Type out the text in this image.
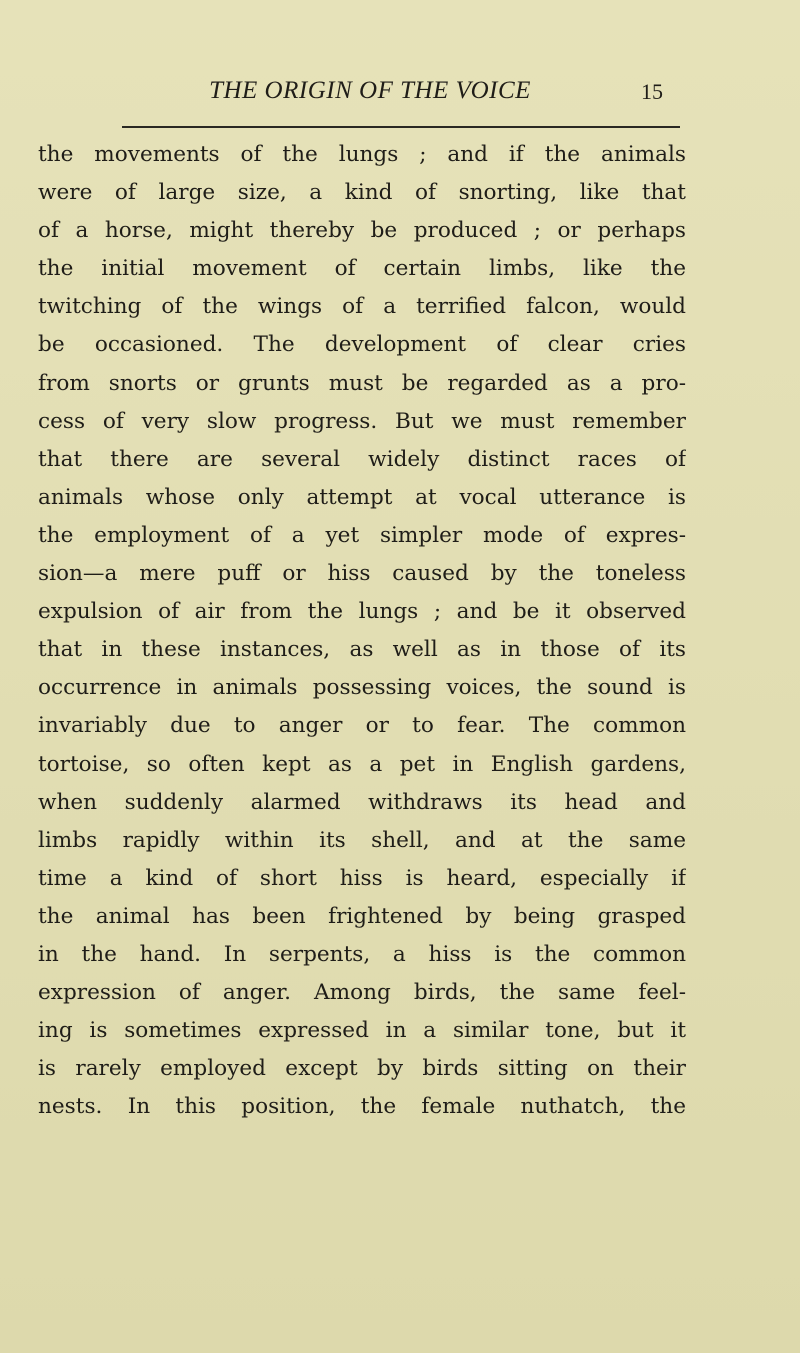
THE ORIGIN OF THE VOICE	15
the movements of the lungs ; and if the animals
were of large size, a kind of snorting, like that
of a horse, might thereby be produced ; or perhaps
the initial movement of certain limbs, like the
twitching of the wings of a terrified falcon, would
be occasioned. The development of clear cries
from snorts or grunts must be regarded as a pro-
cess of very slow progress. But we must remember
that there are several widely distinct races of
animals whose only attempt at vocal utterance is
the employment of a yet simpler mode of expres-
sion—a mere puff or hiss caused by the toneless
expulsion of air from the lungs ; and be it observed
that in these instances, as well as in those of its
occurrence in animals possessing voices, the sound is
invariably due to anger or to fear. The common
tortoise, so often kept as a pet in English gardens,
when suddenly alarmed withdraws its head and
limbs rapidly within its shell, and at the same
time a kind of short hiss is heard, especially if
the animal has been frightened by being grasped
in the hand. In serpents, a hiss is the common
expression of anger. Among birds, the same feel-
ing is sometimes expressed in a similar tone, but it
is rarely employed except by birds sitting on their
nests. In this position, the female nuthatch, the
